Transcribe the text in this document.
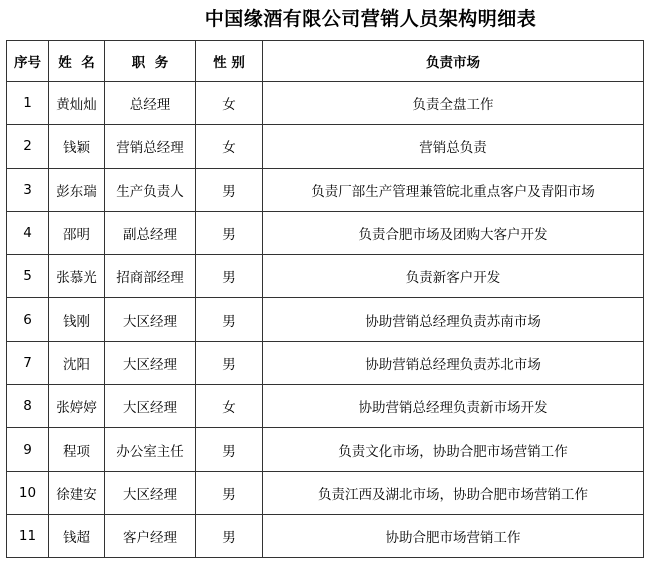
中国缘酒有限公司营销人员架构明细表
序号	姓  名	职  务	性 别	负责市场
1	黄灿灿	总经理	女	负责全盘工作
2	钱颖	营销总经理	女	营销总负责
3	彭东瑞	生产负责人	男	负责厂部生产管理兼管皖北重点客户及青阳市场
4	邵明	副总经理	男	负责合肥市场及团购大客户开发
5	张慕光	招商部经理	男	负责新客户开发
6	钱刚	大区经理	男	协助营销总经理负责苏南市场
7	沈阳	大区经理	男	协助营销总经理负责苏北市场
8	张婷婷	大区经理	女	协助营销总经理负责新市场开发
9	程项	办公室主任	男	负责文化市场，协助合肥市场营销工作
10	徐建安	大区经理	男	负责江西及湖北市场，协助合肥市场营销工作
11	钱超	客户经理	男	协助合肥市场营销工作
